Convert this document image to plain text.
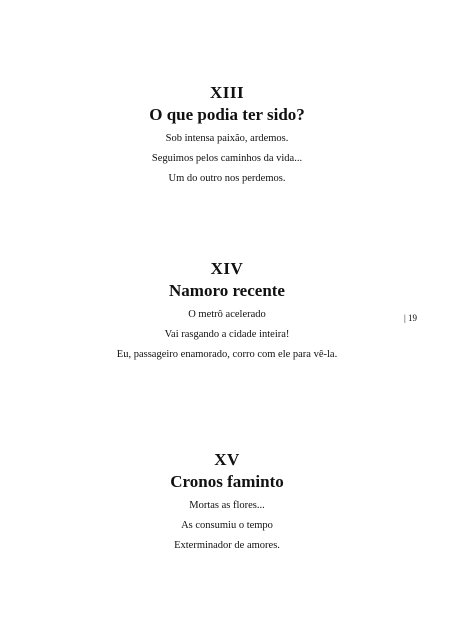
XIII
O que podia ter sido?
Sob intensa paixão, ardemos.
Seguimos pelos caminhos da vida...
Um do outro nos perdemos.
XIV
Namoro recente
O metrô acelerado
Vai rasgando a cidade inteira!
Eu, passageiro enamorado, corro com ele para vê-la.
XV
Cronos famintο
Mortas as flores...
As consumiu o tempo
Exterminador de amores.
| 19
